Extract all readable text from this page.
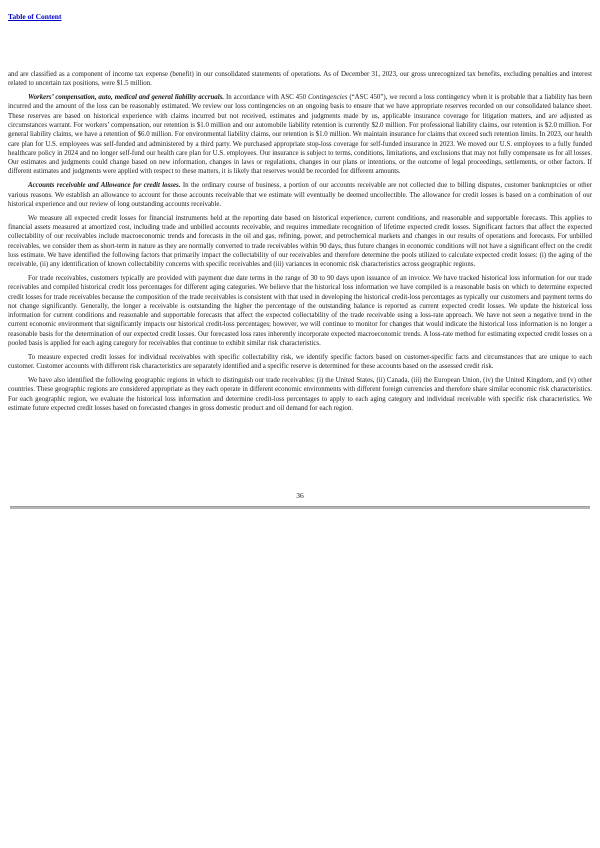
Table of Content

and are classified as a component of income tax expense (benefit) in our consolidated statements of operations. As of December 31, 2023, our gross unrecognized tax benefits, excluding penalties and interest related to uncertain tax positions, were $1.5 million.

Workers’ compensation, auto, medical and general liability accruals. In accordance with ASC 450 Contingencies (“ASC 450”), we record a loss contingency when it is probable that a liability has been incurred and the amount of the loss can be reasonably estimated. We review our loss contingencies on an ongoing basis to ensure that we have appropriate reserves recorded on our consolidated balance sheet. These reserves are based on historical experience with claims incurred but not received, estimates and judgments made by us, applicable insurance coverage for litigation matters, and are adjusted as circumstances warrant. For workers’ compensation, our retention is $1.0 million and our automobile liability retention is currently $2.0 million. For professional liability claims, our retention is $2.0 million. For general liability claims, we have a retention of $6.0 million. For environmental liability claims, our retention is $1.0 million. We maintain insurance for claims that exceed such retention limits. In 2023, our health care plan for U.S. employees was self-funded and administered by a third party. We purchased appropriate stop-loss coverage for self-funded insurance in 2023. We moved our U.S. employees to a fully funded healthcare policy in 2024 and no longer self-fund our health care plan for U.S. employees. Our insurance is subject to terms, conditions, limitations, and exclusions that may not fully compensate us for all losses. Our estimates and judgments could change based on new information, changes in laws or regulations, changes in our plans or intentions, or the outcome of legal proceedings, settlements, or other factors. If different estimates and judgments were applied with respect to these matters, it is likely that reserves would be recorded for different amounts.

Accounts receivable and Allowance for credit losses. In the ordinary course of business, a portion of our accounts receivable are not collected due to billing disputes, customer bankruptcies or other various reasons. We establish an allowance to account for those accounts receivable that we estimate will eventually be deemed uncollectible. The allowance for credit losses is based on a combination of our historical experience and our review of long outstanding accounts receivable.

We measure all expected credit losses for financial instruments held at the reporting date based on historical experience, current conditions, and reasonable and supportable forecasts. This applies to financial assets measured at amortized cost, including trade and unbilled accounts receivable, and requires immediate recognition of lifetime expected credit losses. Significant factors that affect the expected collectability of our receivables include macroeconomic trends and forecasts in the oil and gas, refining, power, and petrochemical markets and changes in our results of operations and forecasts. For unbilled receivables, we consider them as short-term in nature as they are normally converted to trade receivables within 90 days, thus future changes in economic conditions will not have a significant effect on the credit loss estimate. We have identified the following factors that primarily impact the collectability of our receivables and therefore determine the pools utilized to calculate expected credit losses: (i) the aging of the receivable, (ii) any identification of known collectability concerns with specific receivables and (iii) variances in economic risk characteristics across geographic regions.

For trade receivables, customers typically are provided with payment due date terms in the range of 30 to 90 days upon issuance of an invoice. We have tracked historical loss information for our trade receivables and compiled historical credit loss percentages for different aging categories. We believe that the historical loss information we have compiled is a reasonable basis on which to determine expected credit losses for trade receivables because the composition of the trade receivables is consistent with that used in developing the historical credit-loss percentages as typically our customers and payment terms do not change significantly. Generally, the longer a receivable is outstanding the higher the percentage of the outstanding balance is reported as current expected credit losses. We update the historical loss information for current conditions and reasonable and supportable forecasts that affect the expected collectability of the trade receivable using a loss-rate approach. We have not seen a negative trend in the current economic environment that significantly impacts our historical credit-loss percentages; however, we will continue to monitor for changes that would indicate the historical loss information is no longer a reasonable basis for the determination of our expected credit losses. Our forecasted loss rates inherently incorporate expected macroeconomic trends. A loss-rate method for estimating expected credit losses on a pooled basis is applied for each aging category for receivables that continue to exhibit similar risk characteristics.

To measure expected credit losses for individual receivables with specific collectability risk, we identify specific factors based on customer-specific facts and circumstances that are unique to each customer. Customer accounts with different risk characteristics are separately identified and a specific reserve is determined for these accounts based on the assessed credit risk.

We have also identified the following geographic regions in which to distinguish our trade receivables: (i) the United States, (ii) Canada, (iii) the European Union, (iv) the United Kingdom, and (v) other countries. These geographic regions are considered appropriate as they each operate in different economic environments with different foreign currencies and therefore share similar economic risk characteristics. For each geographic region, we evaluate the historical loss information and determine credit-loss percentages to apply to each aging category and individual receivable with specific risk characteristics. We estimate future expected credit losses based on forecasted changes in gross domestic product and oil demand for each region.

36
